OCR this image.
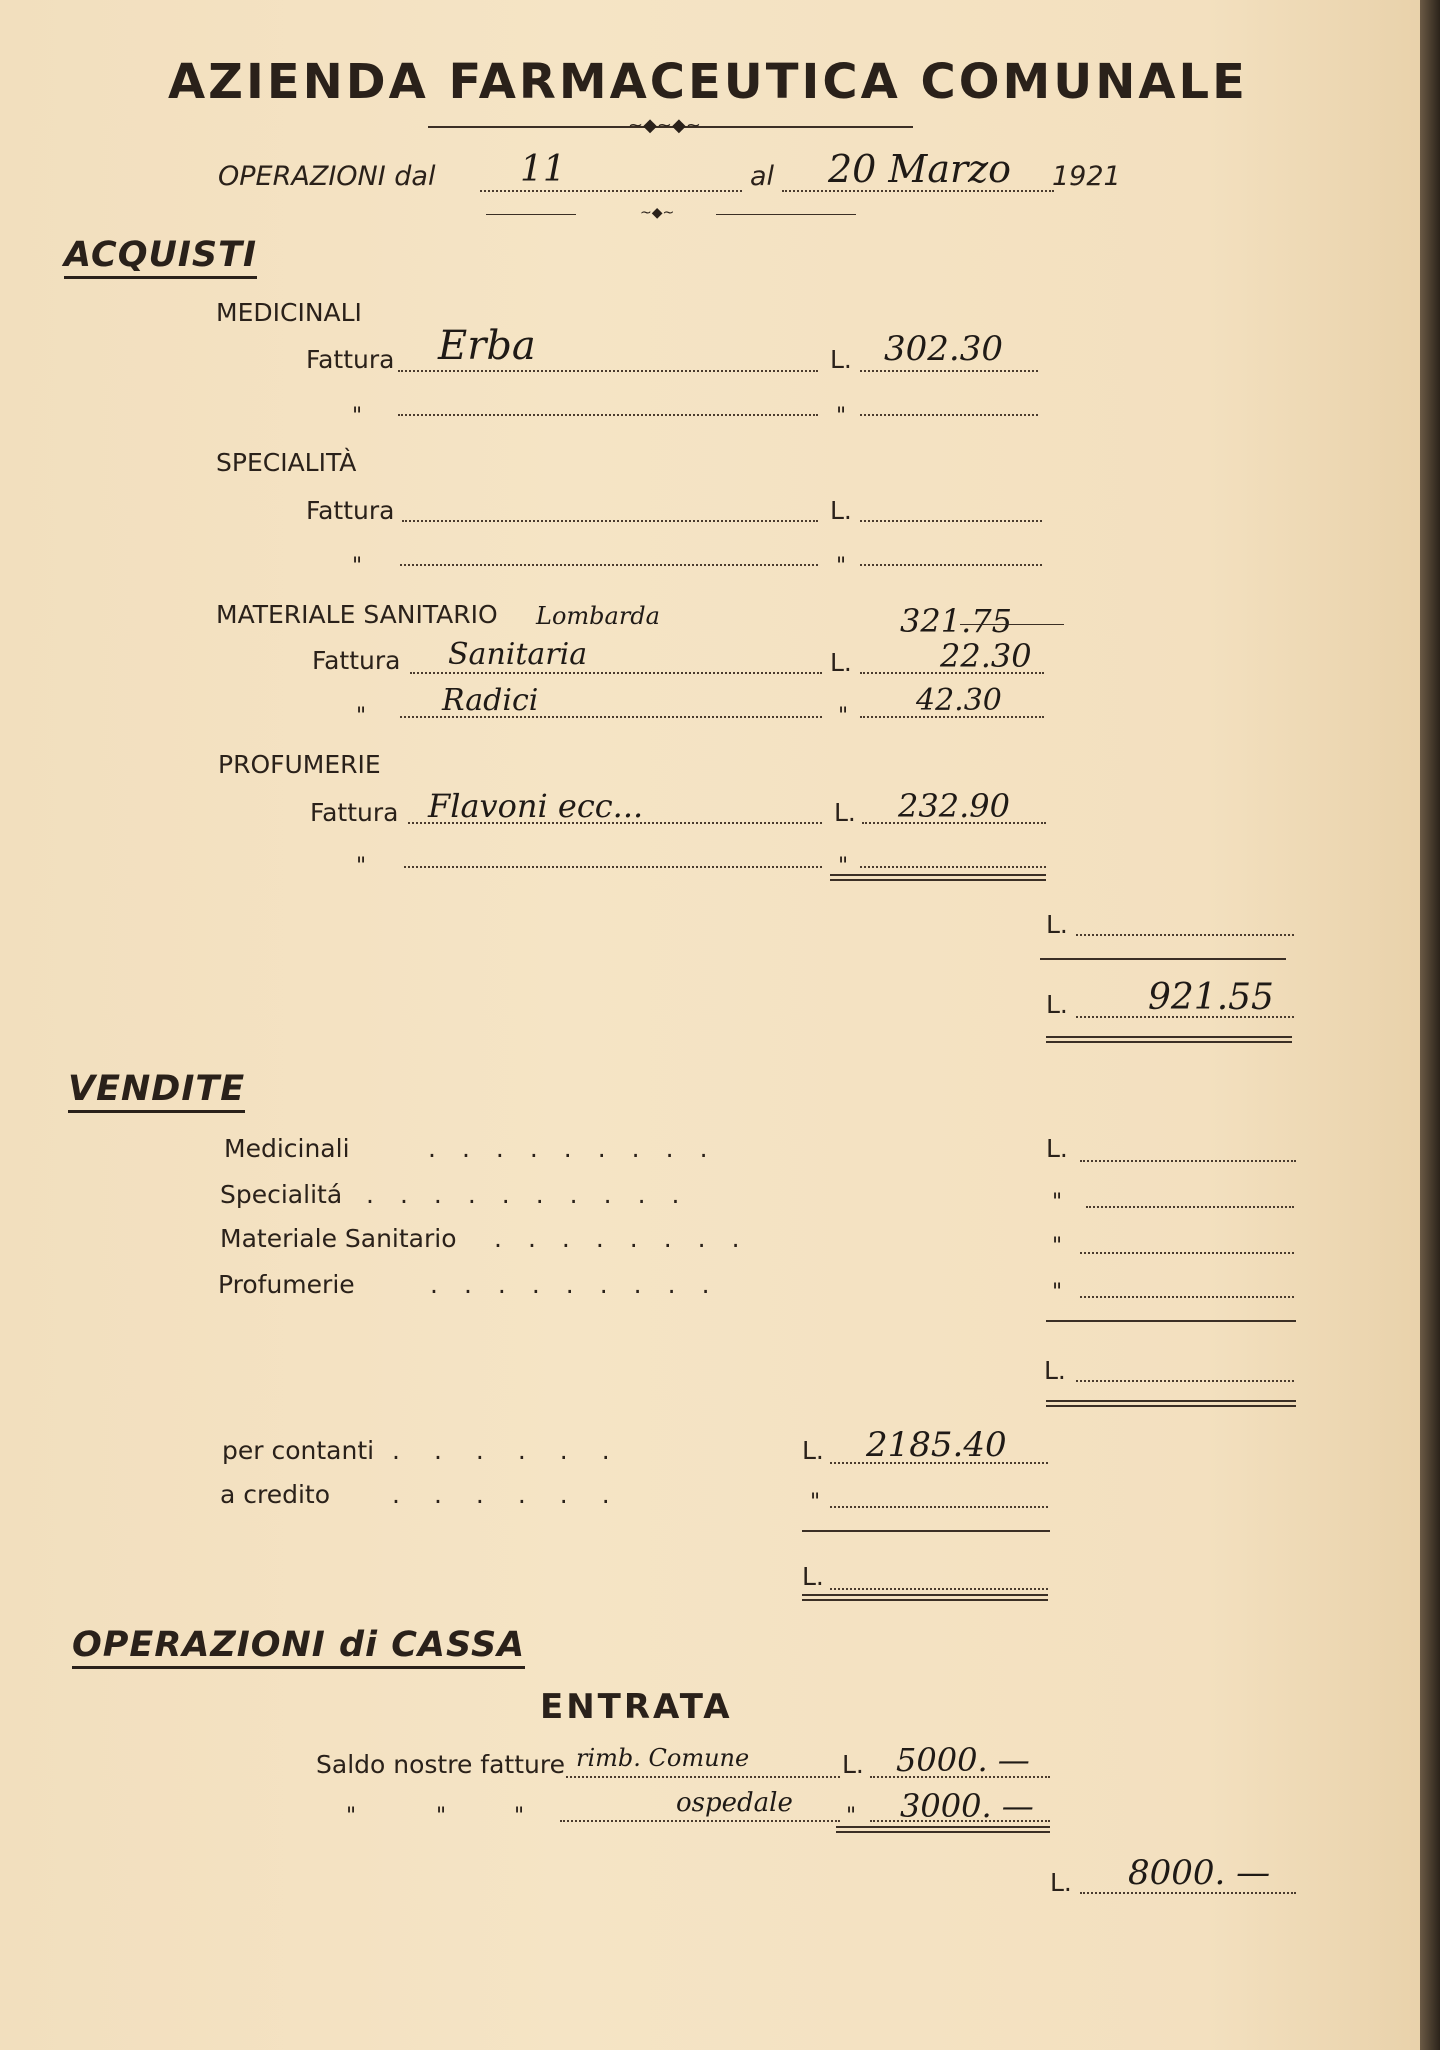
AZIENDA FARMACEUTICA COMUNALE
~◆~◆~
OPERAZIONI dal 11	al 20 Marzo 1921
~◆~
ACQUISTI
MEDICINALI
Fattura Erba	L. 302.30
"	"
SPECIALITÀ
Fattura	L.
"	"
MATERIALE SANITARIO Lombarda	321.75
Fattura Sanitaria	L.	22.30
"	Radici	" 42.30
PROFUMERIE
Fattura Flavoni ecc...	L. 232.90
"	"
L.
L. 921.55
VENDITE
Medicinali	.........	L.
Specialitá ..........	"
Materiale Sanitario ........	"
Profumerie	.........	"
L.
per contanti ......	L. 2185.40
a credito ......	"
L.
OPERAZIONI di CASSA
ENTRATA
Saldo nostre fatture rimb. Comune	L. 5000. —
"	"	"	ospedale " 3000. —
L. 8000. —
